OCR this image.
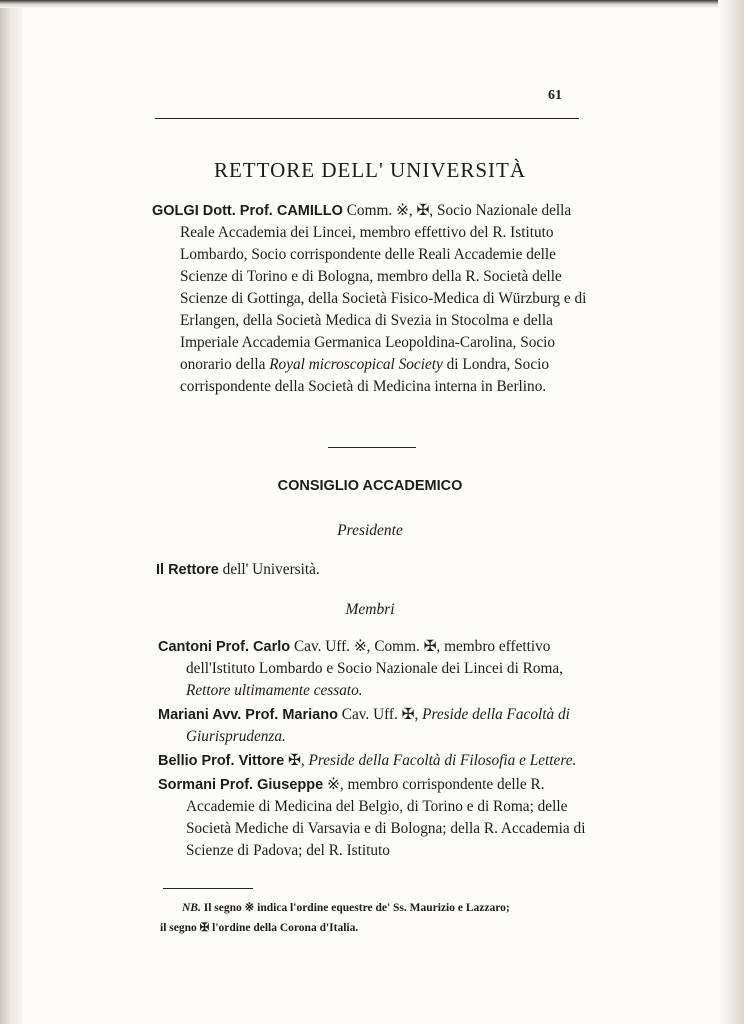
61
RETTORE DELL' UNIVERSITÀ

GOLGI Dott. Prof. CAMILLO Comm. ※, ✠, Socio Nazionale della Reale Accademia dei Lincei, membro effettivo del R. Istituto Lombardo, Socio corrispondente delle Reali Accademie delle Scienze di Torino e di Bologna, membro della R. Società delle Scienze di Gottinga, della Società Fisico-Medica di Würzburg e di Erlangen, della Società Medica di Svezia in Stocolma e della Imperiale Accademia Germanica Leopoldina-Carolina, Socio onorario della Royal microscopical Society di Londra, Socio corrispondente della Società di Medicina interna in Berlino.

CONSIGLIO ACCADEMICO
Presidente
Il Rettore dell' Università.
Membri

Cantoni Prof. Carlo Cav. Uff. ※, Comm. ✠, membro effettivo dell'Istituto Lombardo e Socio Nazionale dei Lincei di Roma, Rettore ultimamente cessato.

Mariani Avv. Prof. Mariano Cav. Uff. ✠, Preside della Facoltà di Giurisprudenza.

Bellio Prof. Vittore ✠, Preside della Facoltà di Filosofia e Lettere.

Sormani Prof. Giuseppe ※, membro corrispondente delle R. Accademie di Medicina del Belgio, di Torino e di Roma; delle Società Mediche di Varsavia e di Bologna; della R. Accademia di Scienze di Padova; del R. Istituto

NB. Il segno ※ indica l'ordine equestre de' Ss. Maurizio e Lazzaro;
il segno ✠ l'ordine della Corona d'Italia.
